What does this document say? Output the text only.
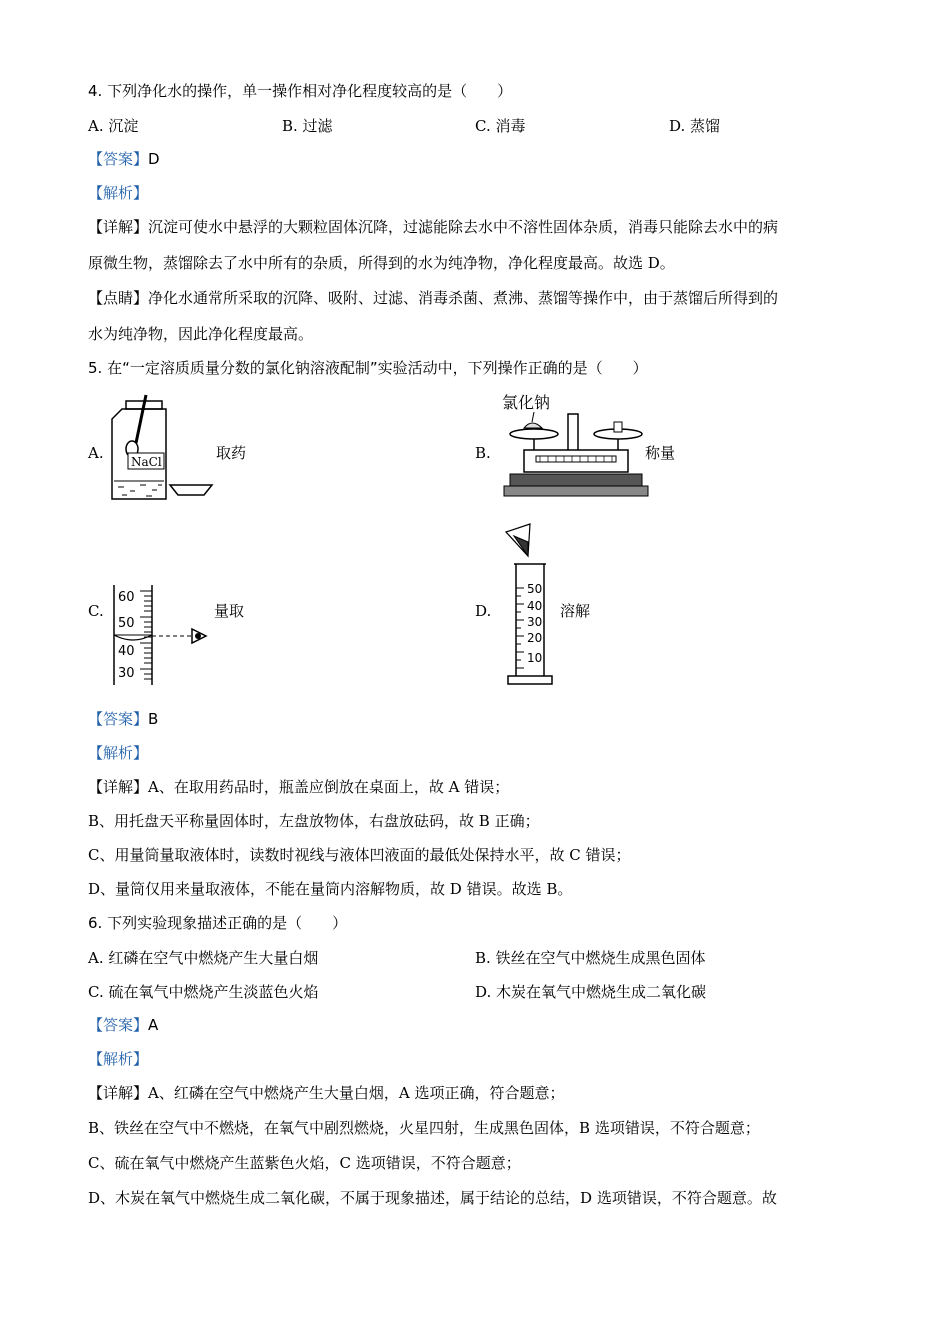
4. 下列净化水的操作，单一操作相对净化程度较高的是（　　）
A. 沉淀	B. 过滤	C. 消毒	D. 蒸馏
【答案】D
【解析】
【详解】沉淀可使水中悬浮的大颗粒固体沉降，过滤能除去水中不溶性固体杂质，消毒只能除去水中的病
原微生物，蒸馏除去了水中所有的杂质，所得到的水为纯净物，净化程度最高。故选 D。
【点睛】净化水通常所采取的沉降、吸附、过滤、消毒杀菌、煮沸、蒸馏等操作中，由于蒸馏后所得到的
水为纯净物，因此净化程度最高。
5. 在“一定溶质质量分数的氯化钠溶液配制”实验活动中，下列操作正确的是（　　）
A. NaCl	取药	B.
氯化钠
称量
C.
60
50
40
30
量取	D.
50
40
30
20
10
溶解
【答案】B
【解析】
【详解】A、在取用药品时，瓶盖应倒放在桌面上，故 A 错误；
B、用托盘天平称量固体时，左盘放物体，右盘放砝码，故 B 正确；
C、用量筒量取液体时，读数时视线与液体凹液面的最低处保持水平，故 C 错误；
D、量筒仅用来量取液体，不能在量筒内溶解物质，故 D 错误。故选 B。
6. 下列实验现象描述正确的是（　　）
A. 红磷在空气中燃烧产生大量白烟	B. 铁丝在空气中燃烧生成黑色固体
C. 硫在氧气中燃烧产生淡蓝色火焰	D. 木炭在氧气中燃烧生成二氧化碳
【答案】A
【解析】
【详解】A、红磷在空气中燃烧产生大量白烟，A 选项正确，符合题意；
B、铁丝在空气中不燃烧，在氧气中剧烈燃烧，火星四射，生成黑色固体，B 选项错误，不符合题意；
C、硫在氧气中燃烧产生蓝紫色火焰，C 选项错误，不符合题意；
D、木炭在氧气中燃烧生成二氧化碳，不属于现象描述，属于结论的总结，D 选项错误，不符合题意。故
